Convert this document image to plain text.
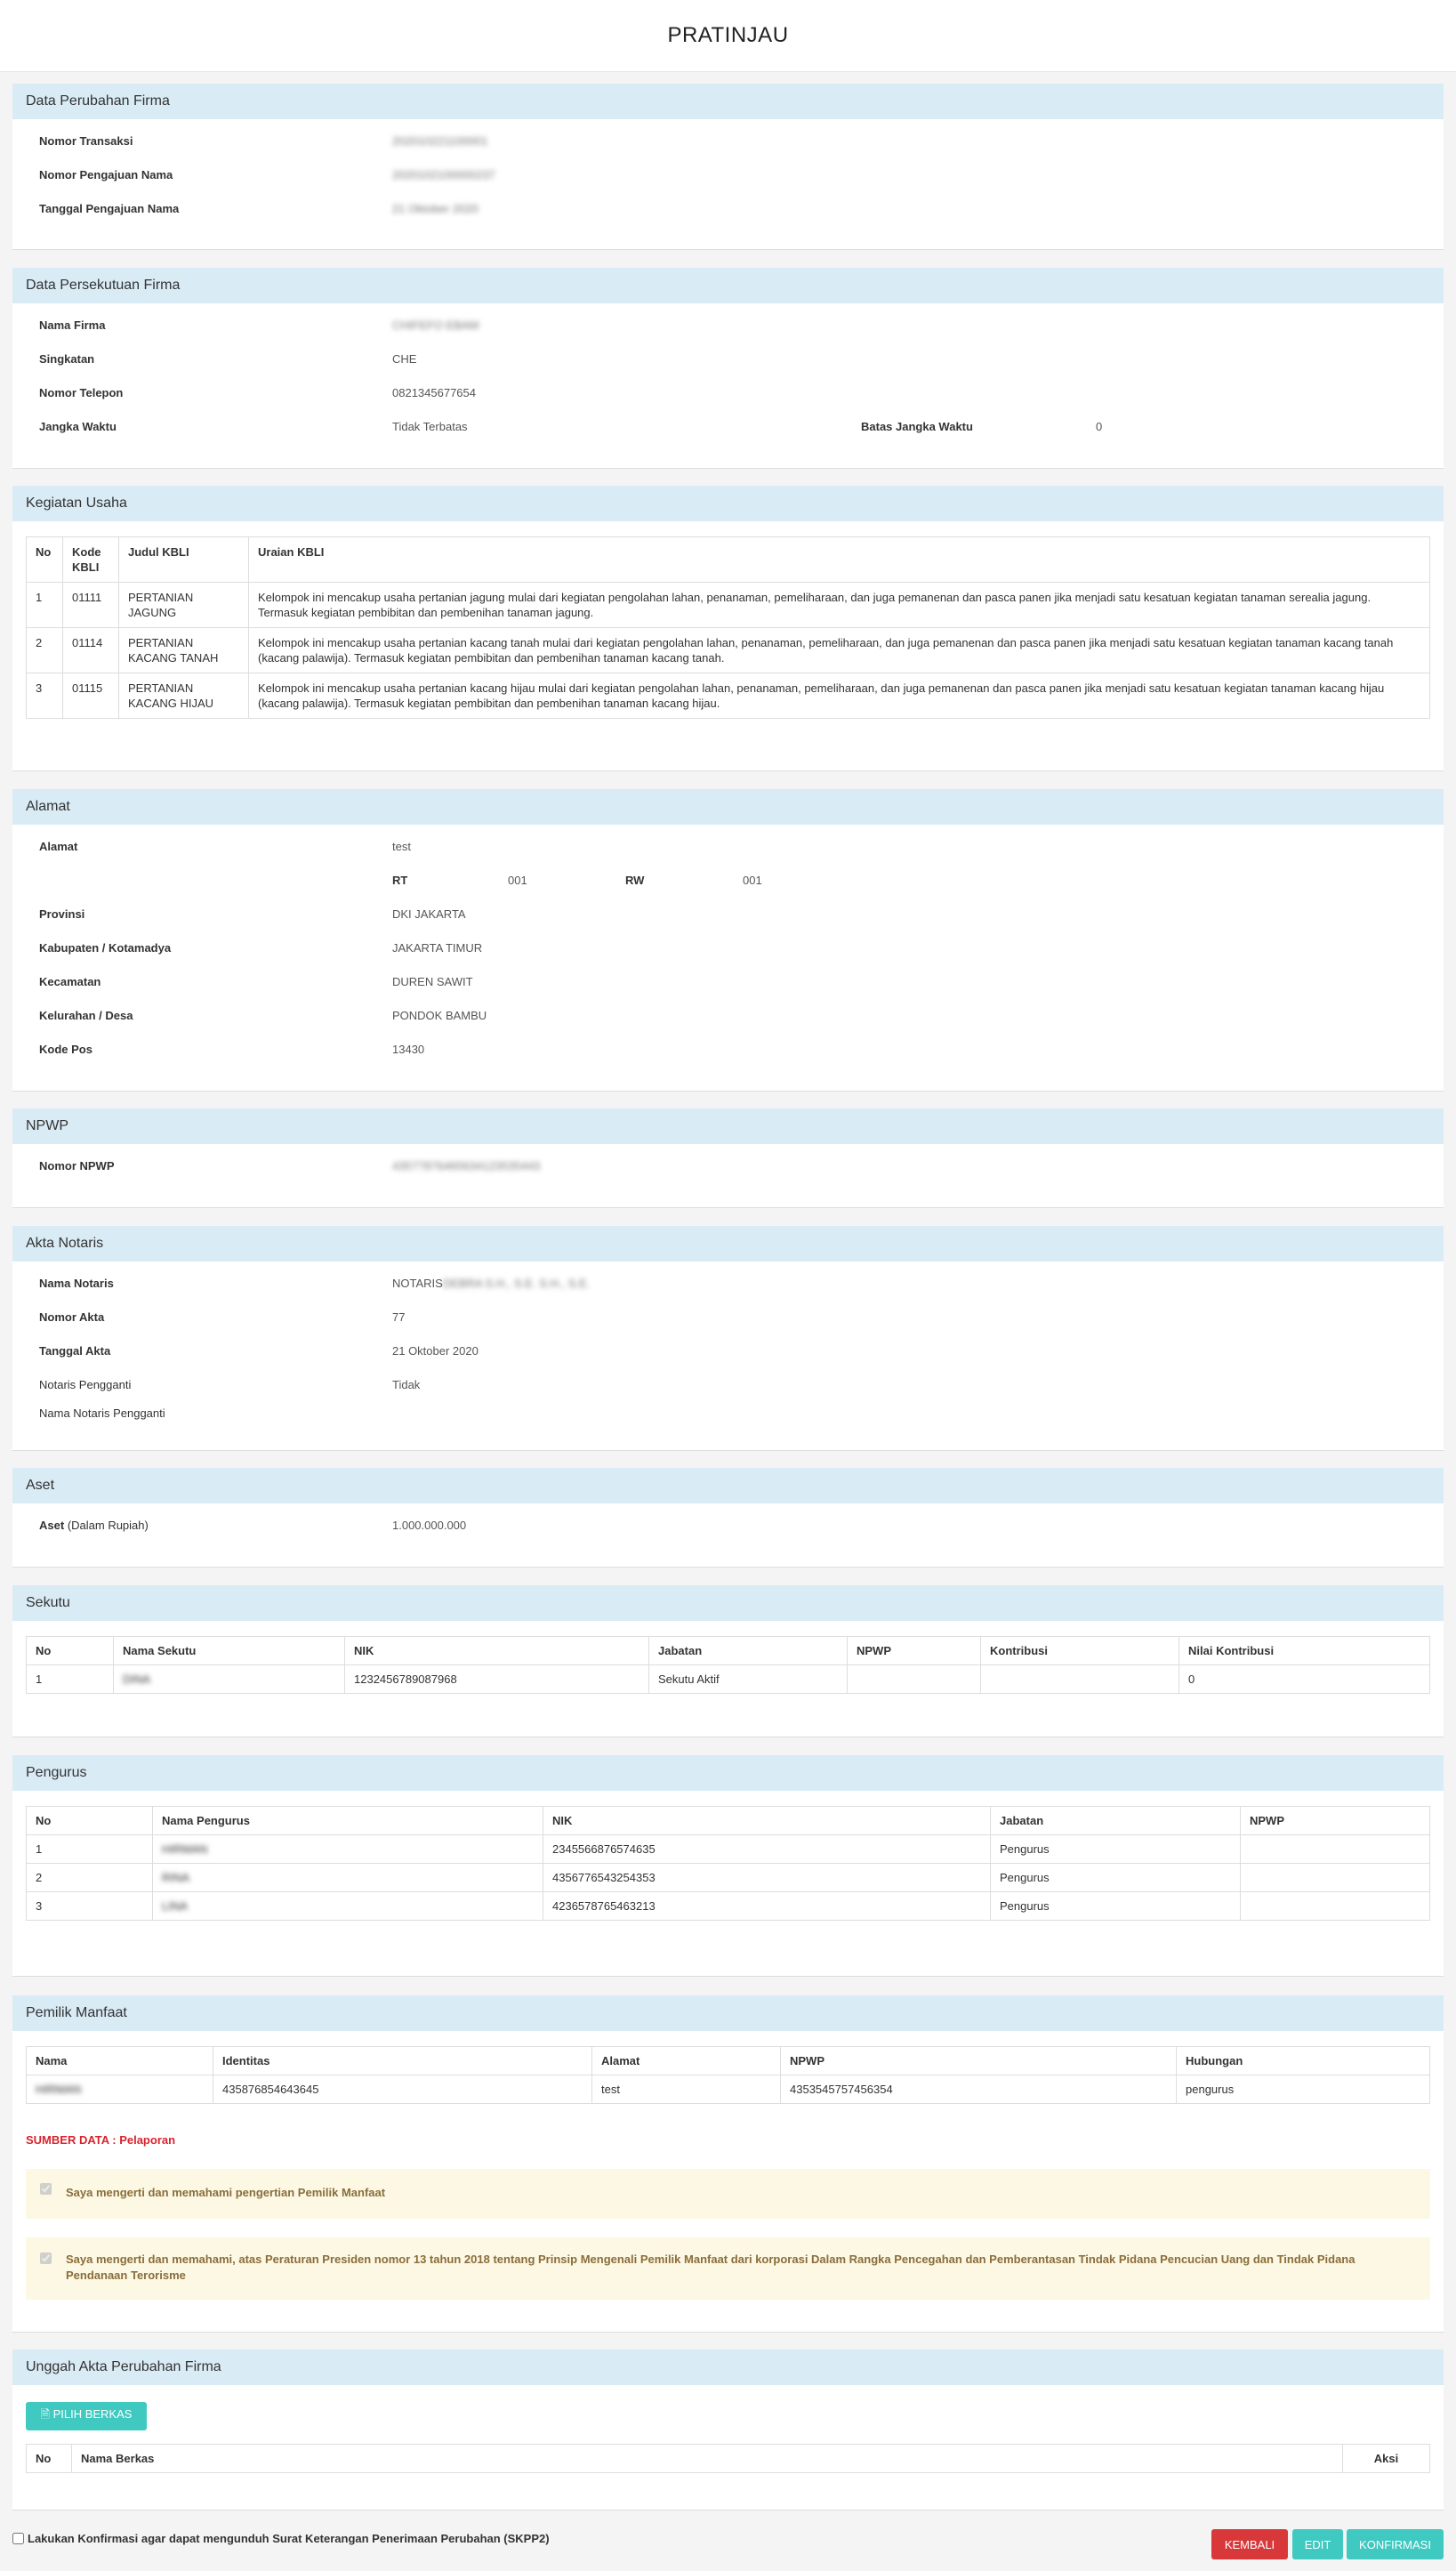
PRATINJAU
Data Perubahan Firma
Nomor Transaksi	202010221100001
Nomor Pengajuan Nama	2020102100000237
Tanggal Pengajuan Nama	21 Oktober 2020
Data Persekutuan Firma
Nama Firma	CHIFEFO EBAM
Singkatan	CHE
Nomor Telepon	0821345677654
Jangka Waktu	Tidak Terbatas	Batas Jangka Waktu	0
Kegiatan Usaha
No	Kode KBLI	Judul KBLI	Uraian KBLI
1	01111	PERTANIAN JAGUNG	Kelompok ini mencakup usaha pertanian jagung mulai dari kegiatan pengolahan lahan, penanaman, pemeliharaan, dan juga pemanenan dan pasca panen jika menjadi satu kesatuan kegiatan tanaman serealia jagung. Termasuk kegiatan pembibitan dan pembenihan tanaman jagung.
2	01114	PERTANIAN KACANG TANAH	Kelompok ini mencakup usaha pertanian kacang tanah mulai dari kegiatan pengolahan lahan, penanaman, pemeliharaan, dan juga pemanenan dan pasca panen jika menjadi satu kesatuan kegiatan tanaman kacang tanah (kacang palawija). Termasuk kegiatan pembibitan dan pembenihan tanaman kacang tanah.
3	01115	PERTANIAN KACANG HIJAU	Kelompok ini mencakup usaha pertanian kacang hijau mulai dari kegiatan pengolahan lahan, penanaman, pemeliharaan, dan juga pemanenan dan pasca panen jika menjadi satu kesatuan kegiatan tanaman kacang hijau (kacang palawija). Termasuk kegiatan pembibitan dan pembenihan tanaman kacang hijau.
Alamat
Alamat	test
RT	001	RW	001
Provinsi	DKI JAKARTA
Kabupaten / Kotamadya	JAKARTA TIMUR
Kecamatan	DUREN SAWIT
Kelurahan / Desa	PONDOK BAMBU
Kode Pos	13430
NPWP
Nomor NPWP	43577876465634123535443
Akta Notaris
Nama Notaris	NOTARISDEBRA S.H., S.E. S.H., S.E.
Nomor Akta	77
Tanggal Akta	21 Oktober 2020
Notaris Pengganti	Tidak
Nama Notaris Pengganti
Aset
Aset (Dalam Rupiah)	1.000.000.000
Sekutu
No	Nama Sekutu	NIK	Jabatan	NPWP	Kontribusi	Nilai Kontribusi
1	DINA	1232456789087968	Sekutu Aktif			0
Pengurus
No	Nama Pengurus	NIK	Jabatan	NPWP
1	HIRMAN	2345566876574635	Pengurus	
2	RINA	4356776543254353	Pengurus	
3	LINA	4236578765463213	Pengurus	
Pemilik Manfaat
Nama	Identitas	Alamat	NPWP	Hubungan
HIRMAN	435876854643645	test	4353545757456354	pengurus
SUMBER DATA : Pelaporan
Saya mengerti dan memahami pengertian Pemilik Manfaat
Saya mengerti dan memahami, atas Peraturan Presiden nomor 13 tahun 2018 tentang Prinsip Mengenali Pemilik Manfaat dari korporasi Dalam Rangka Pencegahan dan Pemberantasan Tindak Pidana Pencucian Uang dan Tindak Pidana Pendanaan Terorisme
Unggah Akta Perubahan Firma
🗎 PILIH BERKAS
No	Nama Berkas	Aksi
Lakukan Konfirmasi agar dapat mengunduh Surat Keterangan Penerimaan Perubahan (SKPP2)	KEMBALI	EDIT	KONFIRMASI
